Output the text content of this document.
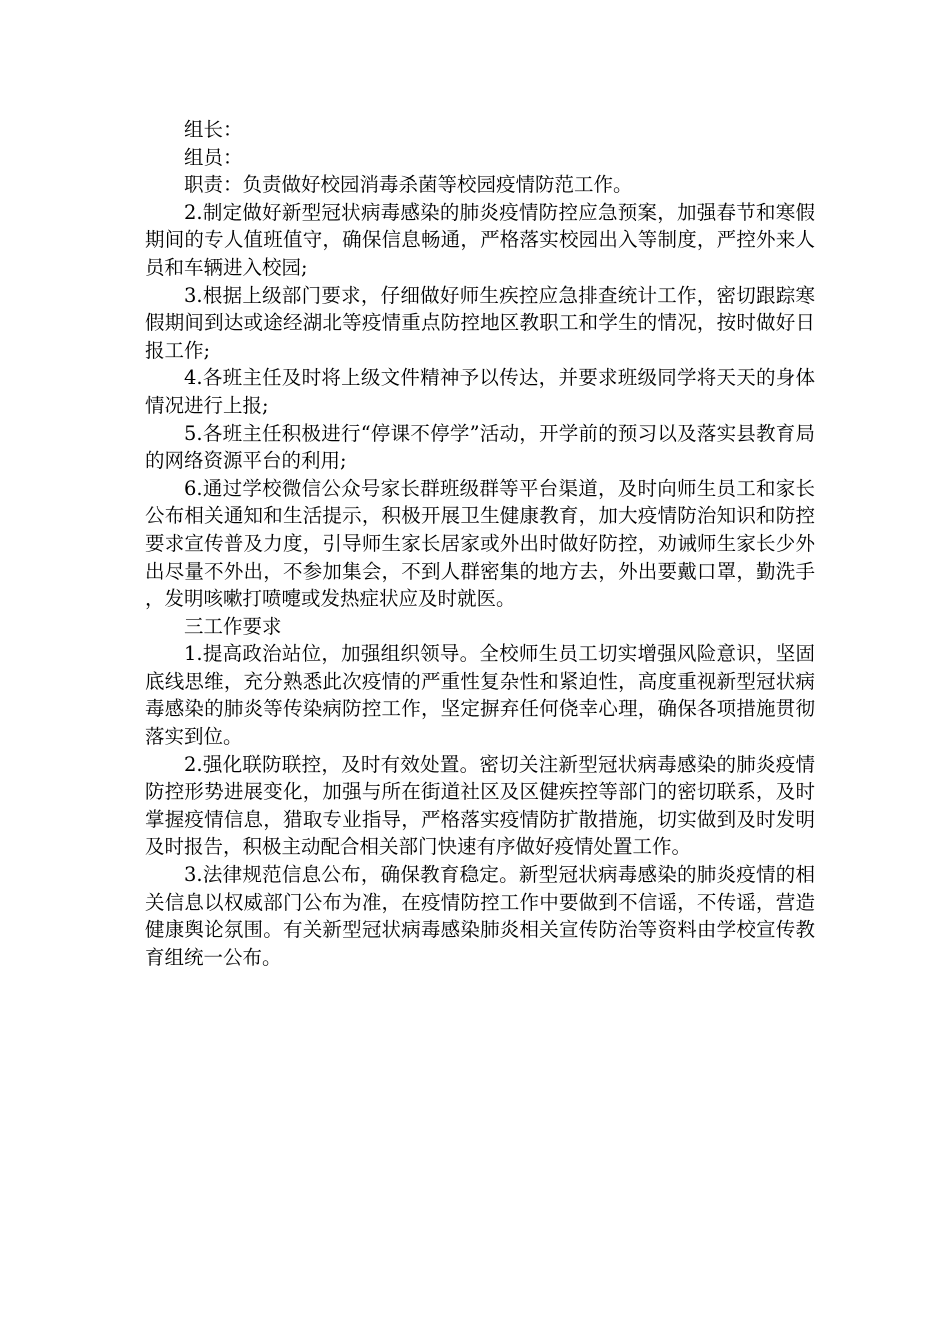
组长：

组员：

职责：负责做好校园消毒杀菌等校园疫情防范工作。

2.制定做好新型冠状病毒感染的肺炎疫情防控应急预案，加强春节和寒假期间的专人值班值守，确保信息畅通，严格落实校园出入等制度，严控外来人员和车辆进入校园;

3.根据上级部门要求，仔细做好师生疾控应急排查统计工作，密切跟踪寒假期间到达或途经湖北等疫情重点防控地区教职工和学生的情况，按时做好日报工作;

4.各班主任及时将上级文件精神予以传达，并要求班级同学将天天的身体情况进行上报;

5.各班主任积极进行“停课不停学”活动，开学前的预习以及落实县教育局的网络资源平台的利用;

6.通过学校微信公众号家长群班级群等平台渠道，及时向师生员工和家长公布相关通知和生活提示，积极开展卫生健康教育，加大疫情防治知识和防控要求宣传普及力度，引导师生家长居家或外出时做好防控，劝诫师生家长少外出尽量不外出，不参加集会，不到人群密集的地方去，外出要戴口罩，勤洗手，发明咳嗽打喷嚏或发热症状应及时就医。

三工作要求

1.提高政治站位，加强组织领导。全校师生员工切实增强风险意识，坚固底线思维，充分熟悉此次疫情的严重性复杂性和紧迫性，高度重视新型冠状病毒感染的肺炎等传染病防控工作，坚定摒弃任何侥幸心理，确保各项措施贯彻落实到位。

2.强化联防联控，及时有效处置。密切关注新型冠状病毒感染的肺炎疫情防控形势进展变化，加强与所在街道社区及区健疾控等部门的密切联系，及时掌握疫情信息，猎取专业指导，严格落实疫情防扩散措施，切实做到及时发明及时报告，积极主动配合相关部门快速有序做好疫情处置工作。

3.法律规范信息公布，确保教育稳定。新型冠状病毒感染的肺炎疫情的相关信息以权威部门公布为准，在疫情防控工作中要做到不信谣，不传谣，营造健康舆论氛围。有关新型冠状病毒感染肺炎相关宣传防治等资料由学校宣传教育组统一公布。
